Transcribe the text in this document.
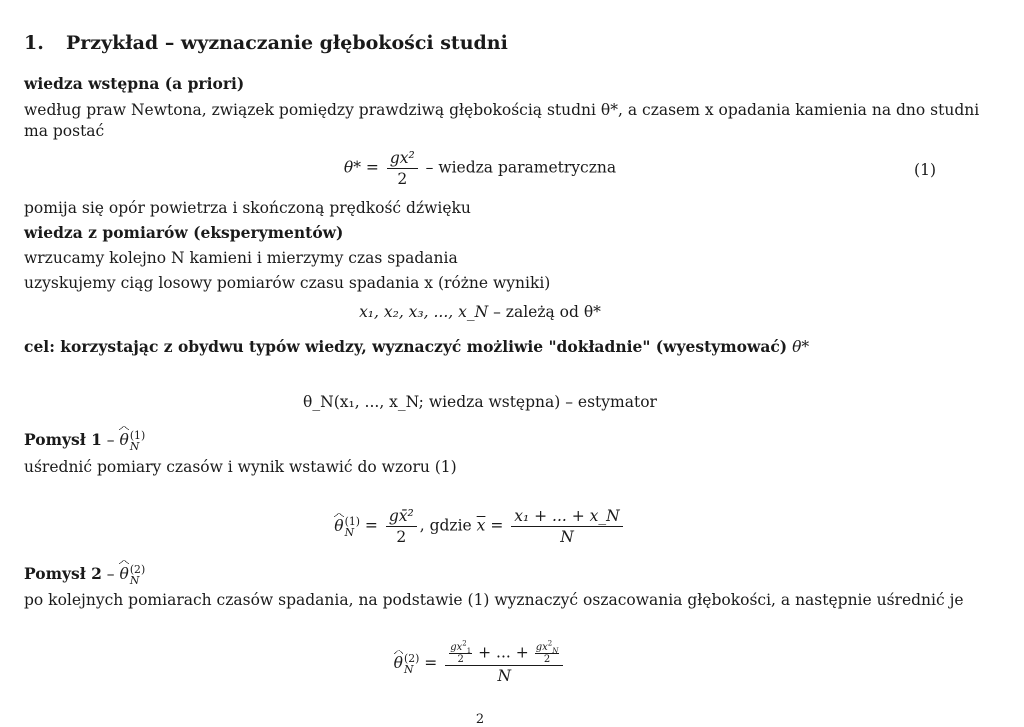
1. Przykład – wyznaczanie głębokości studni
wiedza wstępna (a priori)
według praw Newtona, związek pomiędzy prawdziwą głębokością studni θ*, a czasem x opadania kamienia na dno studni
ma postać
$\theta* = \frac{\text{gx²}}{2}$ – wiedza parametryczna	(1)
pomija się opór powietrza i skończoną prędkość dźwięku
wiedza z pomiarów (eksperymentów)
wrzucamy kolejno N kamieni i mierzymy czas spadania
uzyskujemy ciąg losowy pomiarów czasu spadania x (różne wyniki)
x₁, x₂, x₃, ..., x_N – zależą od θ*
cel: korzystając z obydwu typów wiedzy, wyznaczyć możliwie "dokładnie" (wyestymować) θ*
θ_N(x₁, ..., x_N; wiedza wstępna) – estymator
Pomysł 1 – θ (1)
N
uśrednić pomiary czasów i wynik wstawić do wzoru (1)
θ (1)
$N = \frac{\text{gx̄²}}{2}$ , gdzie $\overline{x} = \frac{\text{x₁ + ... + x\_N}}{N}$
Pomysł 2 – θ (2)
N
po kolejnych pomiarach czasów spadania, na podstawie (1) wyznaczyć oszacowania głębokości, a następnie uśrednić je
θ (2)
$N = \frac{\frac{gx^2_1}{2} + ... + \frac{gx^2_N}{2}}{N}$
2
